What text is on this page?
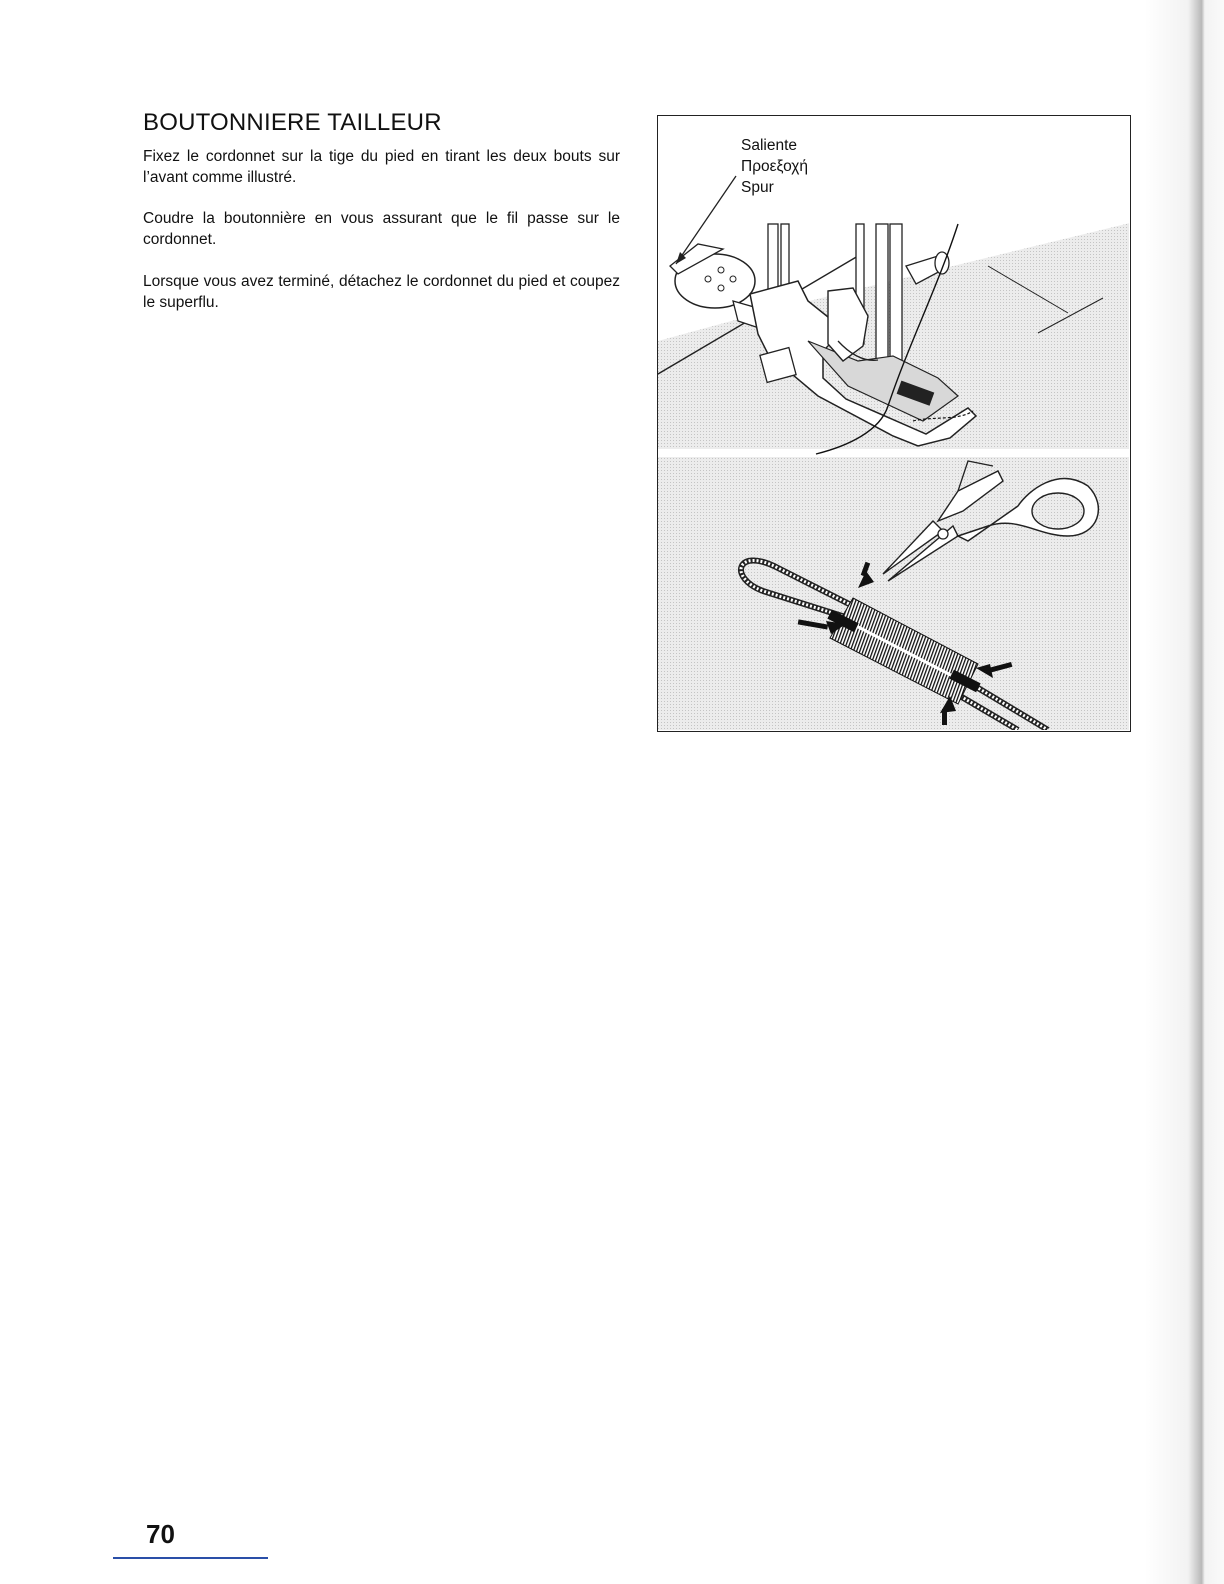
BOUTONNIERE TAILLEUR

Fixez le cordonnet sur la tige du pied en tirant les deux bouts sur l’avant comme illustré.

Coudre la boutonnière en vous assurant que le fil passe sur le cordonnet.

Lorsque vous avez terminé, détachez le cordonnet du pied et coupez le superflu.

Saliente
Προεξοχή
Spur
70
